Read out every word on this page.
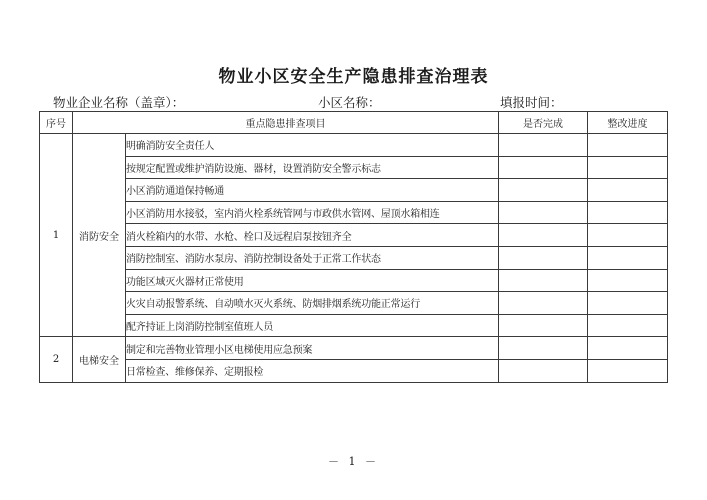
物业小区安全生产隐患排查治理表
物业企业名称（盖章）：	小区名称：	填报时间：
序号	重点隐患排查项目		是否完成	整改进度
1	消防安全	明确消防安全责任人		
		按规定配置或维护消防设施、器材，设置消防安全警示标志		
		小区消防通道保持畅通		
		小区消防用水接驳，室内消火栓系统管网与市政供水管网、屋顶水箱相连		
		消火栓箱内的水带、水枪、栓口及远程启泵按钮齐全		
		消防控制室、消防水泵房、消防控制设备处于正常工作状态		
		功能区域灭火器材正常使用		
		火灾自动报警系统、自动喷水灭火系统、防烟排烟系统功能正常运行		
		配齐持证上岗消防控制室值班人员		
2	电梯安全	制定和完善物业管理小区电梯使用应急预案		
		日常检查、维修保养、定期报检		
－ 1 －
